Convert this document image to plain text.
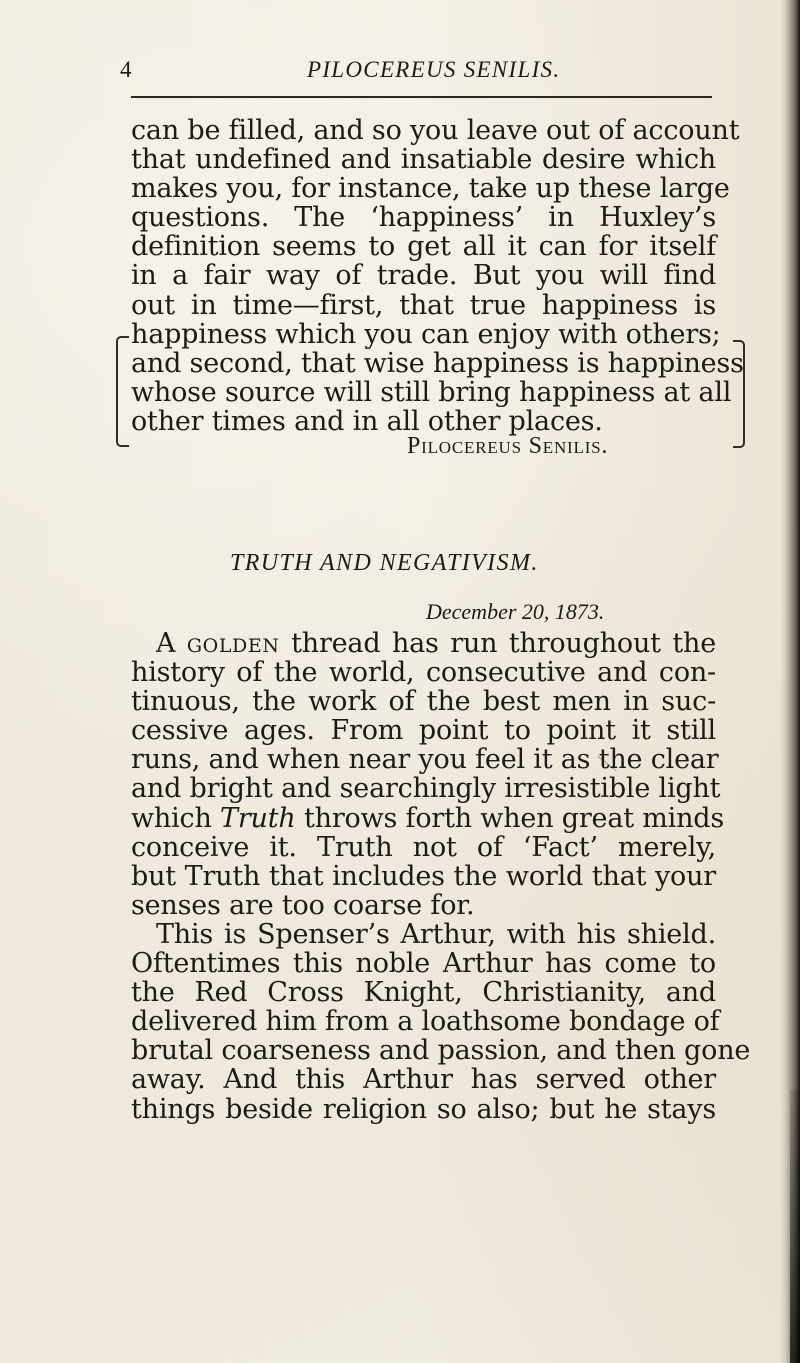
4	PILOCEREUS SENILIS.
can be filled, and so you leave out of account
that undefined and insatiable desire which
makes you, for instance, take up these large
questions. The ‘happiness’ in Huxley’s
definition seems to get all it can for itself
in a fair way of trade. But you will find
out in time—first, that true happiness is
happiness which you can enjoy with others;
and second, that wise happiness is happiness
whose source will still bring happiness at all
other times and in all other places.
Pilocereus Senilis.
TRUTH AND NEGATIVISM.
December 20, 1873.
A golden thread has run throughout the
history of the world, consecutive and con-
tinuous, the work of the best men in suc-
cessive ages. From point to point it still
runs, and when near you feel it as the clear
and bright and searchingly irresistible light
which Truth throws forth when great minds
conceive it. Truth not of ‘Fact’ merely,
but Truth that includes the world that your
senses are too coarse for.
This is Spenser’s Arthur, with his shield.
Oftentimes this noble Arthur has come to
the Red Cross Knight, Christianity, and
delivered him from a loathsome bondage of
brutal coarseness and passion, and then gone
away. And this Arthur has served other
things beside religion so also; but he stays
